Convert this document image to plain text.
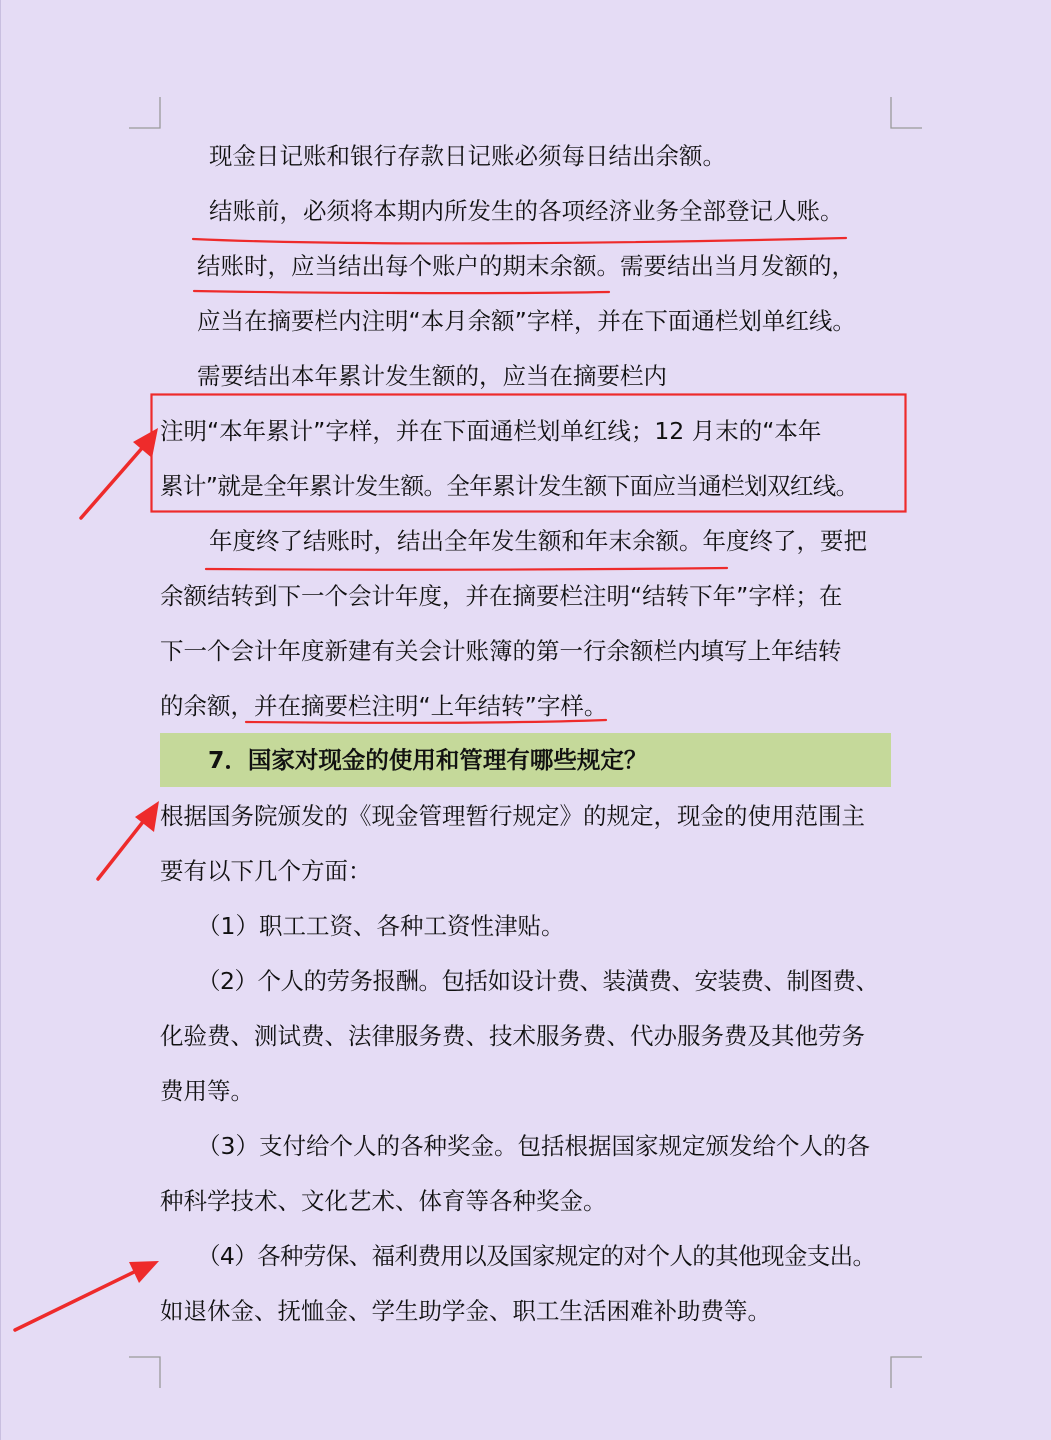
现金日记账和银行存款日记账必须每日结出余额。
结账前，必须将本期内所发生的各项经济业务全部登记人账。
结账时，应当结出每个账户的期末余额。需要结出当月发额的，
应当在摘要栏内注明“本月余额”字样，并在下面通栏划单红线。
需要结出本年累计发生额的，应当在摘要栏内
注明“本年累计”字样，并在下面通栏划单红线；12 月末的“本年
累计”就是全年累计发生额。全年累计发生额下面应当通栏划双红线。
年度终了结账时，结出全年发生额和年末余额。年度终了，要把
余额结转到下一个会计年度，并在摘要栏注明“结转下年”字样；在
下一个会计年度新建有关会计账簿的第一行余额栏内填写上年结转
的余额，并在摘要栏注明“上年结转”字样。
7．国家对现金的使用和管理有哪些规定？
根据国务院颁发的《现金管理暂行规定》的规定，现金的使用范围主
要有以下几个方面：
（1）职工工资、各种工资性津贴。
（2）个人的劳务报酬。包括如设计费、装潢费、安装费、制图费、
化验费、测试费、法律服务费、技术服务费、代办服务费及其他劳务
费用等。
（3）支付给个人的各种奖金。包括根据国家规定颁发给个人的各
种科学技术、文化艺术、体育等各种奖金。
（4）各种劳保、福利费用以及国家规定的对个人的其他现金支出。
如退休金、抚恤金、学生助学金、职工生活困难补助费等。
